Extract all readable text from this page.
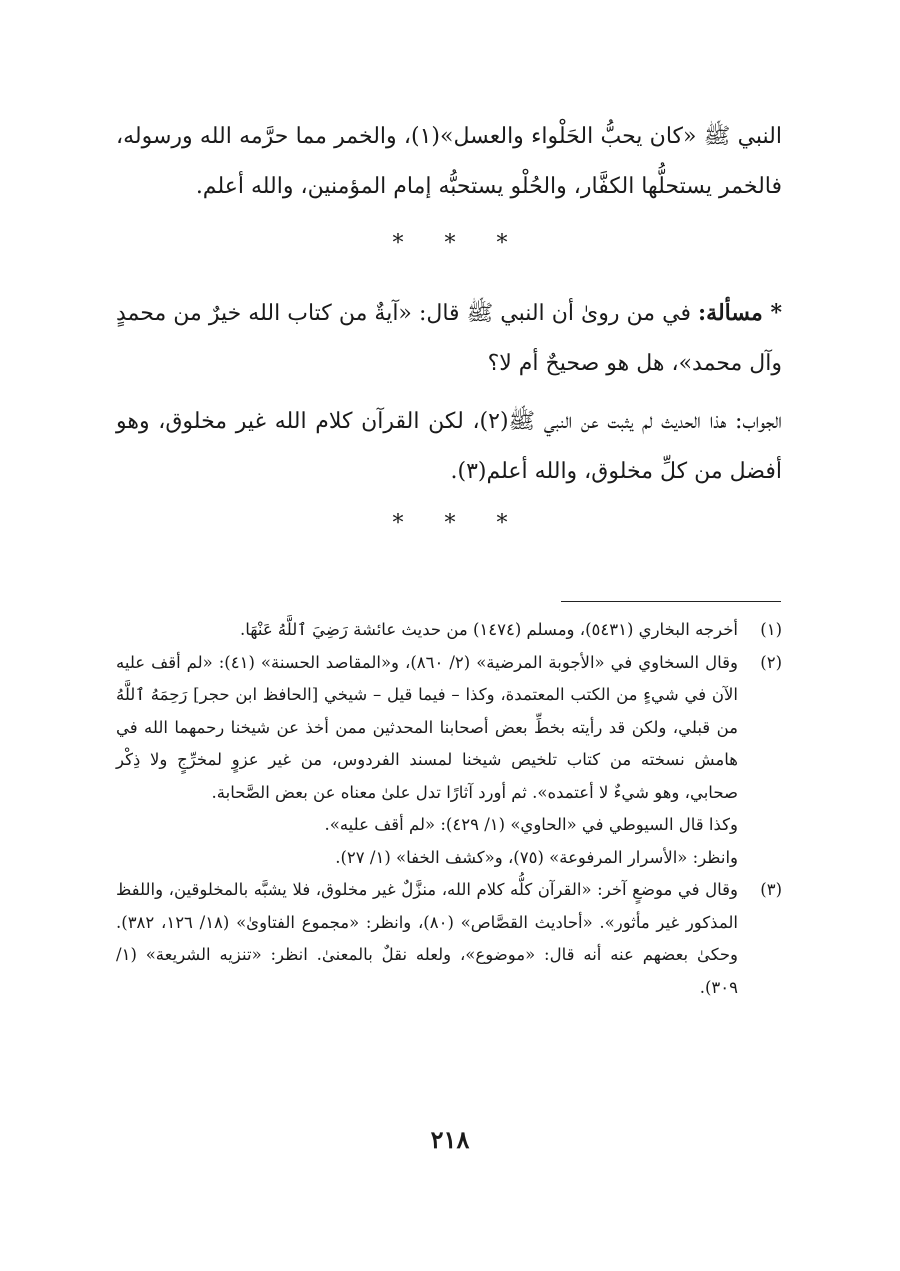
النبي ﷺ «كان يحبُّ الحَلْواء والعسل»(١)، والخمر مما حرَّمه الله ورسوله، فالخمر يستحلُّها الكفَّار، والحُلْو يستحبُّه إمام المؤمنين، والله أعلم.

* * *

* مسألة: في من روىٰ أن النبي ﷺ قال: «آيةٌ من كتاب الله خيرٌ من محمدٍ وآل محمد»، هل هو صحيحٌ أم لا؟

الجواب: هذا الحديث لم يثبت عن النبي ﷺ(٢)، لكن القرآن كلام الله غير مخلوق، وهو أفضل من كلِّ مخلوق، والله أعلم(٣).

* * *
(١)

أخرجه البخاري (٥٤٣١)، ومسلم (١٤٧٤) من حديث عائشة رَضِيَ ٱللَّهُ عَنْهَا.

(٢)

وقال السخاوي في «الأجوبة المرضية» (٢/ ٨٦٠)، و«المقاصد الحسنة» (٤١): «لم أقف عليه الآن في شيءٍ من الكتب المعتمدة، وكذا – فيما قيل – شيخي [الحافظ ابن حجر] رَحِمَهُ ٱللَّهُ من قبلي، ولكن قد رأيته بخطِّ بعض أصحابنا المحدثين ممن أخذ عن شيخنا رحمهما الله في هامش نسخته من كتاب تلخيص شيخنا لمسند الفردوس، من غير عزوٍ لمخرِّجٍ ولا ذِكْر صحابي، وهو شيءٌ لا أعتمده». ثم أورد آثارًا تدل علىٰ معناه عن بعض الصَّحابة.

وكذا قال السيوطي في «الحاوي» (١/ ٤٢٩): «لم أقف عليه».

وانظر: «الأسرار المرفوعة» (٧٥)، و«كشف الخفا» (١/ ٢٧).

(٣)

وقال في موضعٍ آخر: «القرآن كلُّه كلام الله، منزَّلٌ غير مخلوق، فلا يشبَّه بالمخلوقين، واللفظ المذكور غير مأثور». «أحاديث القصَّاص» (٨٠)، وانظر: «مجموع الفتاوىٰ» (١٨/ ١٢٦، ٣٨٢). وحكىٰ بعضهم عنه أنه قال: «موضوع»، ولعله نقلٌ بالمعنىٰ. انظر: «تنزيه الشريعة» (١/ ٣٠٩).

٢١٨
